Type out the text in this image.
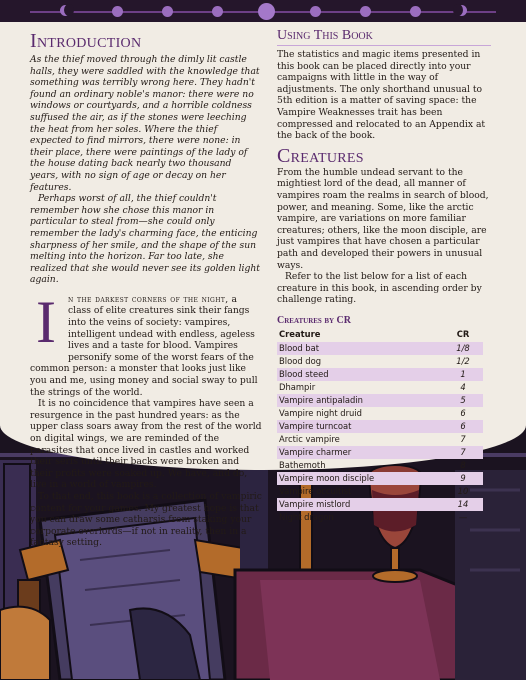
Introduction

As the thief moved through the dimly lit castle halls, they were saddled with the knowledge that something was terribly wrong here. They hadn't found an ordinary noble's manor: there were no windows or courtyards, and a horrible coldness suffused the air, as if the stones were leeching the heat from her soles. Where the thief expected to find mirrors, there were none: in their place, there were paintings of the lady of the house dating back nearly two thousand years, with no sign of age or decay on her features.

Perhaps worst of all, the thief couldn't remember how she chose this manor in particular to steal from—she could only remember the lady's charming face, the enticing sharpness of her smile, and the shape of the sun melting into the horizon. Far too late, she realized that she would never see its golden light again.

I	n the darkest corners of the night, a class of elite creatures sink their fangs into the veins of society: vampires, intelligent undead with endless, ageless lives and a taste for blood. Vampires personify some of the worst fears of the common person: a monster that looks just like you and me, using money and social sway to pull the strings of the world.

It is no coincidence that vampires have seen a resurgence in the past hundred years: as the upper class soars away from the rest of the world on digital wings, we are reminded of the parasites that once lived in castles and worked their serfs until their backs were broken and their profits were soaked up. We have, and do, live in a world of vampires.

To that end, this book is a collection of vampiric content for your games. My greatest hope is that you can draw some catharsis from staking your corporate overlords—if not in reality, then in a fantasy setting.

Using This Book

The statistics and magic items presented in this book can be placed directly into your campaigns with little in the way of adjustments. The only shorthand unusual to 5th edition is a matter of saving space: the Vampire Weaknesses trait has been compressed and relocated to an Appendix at the back of the book.

Creatures

From the humble undead servant to the mightiest lord of the dead, all manner of vampires roam the realms in search of blood, power, and meaning. Some, like the arctic vampire, are variations on more familiar creatures; others, like the moon disciple, are just vampires that have chosen a particular path and developed their powers in unusual ways.

Refer to the list below for a list of each creature in this book, in ascending order by challenge rating.

Creatures by CR
Creature	CR
Blood bat	1/8
Blood dog	1/2
Blood steed	1
Dhampir	4
Vampire antipaladin	5
Vampire night druid	6
Vampire turncoat	6
Arctic vampire	7
Vampire charmer	7
Bathemoth	8
Vampire moon disciple	9
Vampire occultist	10
Vampire mistlord	14
Night dragon	—
